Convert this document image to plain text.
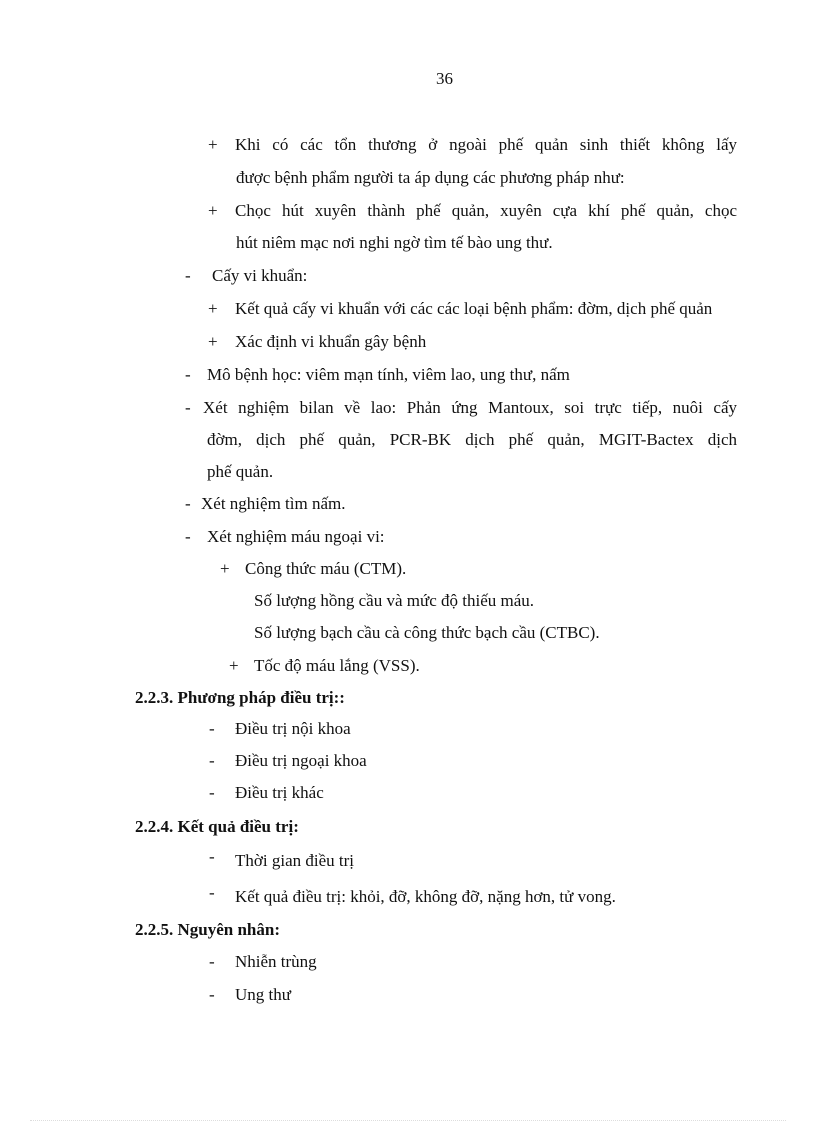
36
+ Khi có các tổn thương ở ngoài phế quản sinh thiết không lấy
được bệnh phẩm người ta áp dụng các phương pháp như:
+ Chọc hút xuyên thành phế quản, xuyên cựa khí phế quản, chọc
hút niêm mạc nơi nghi ngờ tìm tế bào ung thư.
- Cấy vi khuẩn:
+ Kết quả cấy vi khuẩn với các các loại bệnh phẩm: đờm, dịch phế quản
+ Xác định vi khuẩn gây bệnh
- Mô bệnh học: viêm mạn tính, viêm lao, ung thư, nấm
- Xét nghiệm bilan về lao: Phản ứng Mantoux, soi trực tiếp, nuôi cấy
đờm, dịch phế quản, PCR-BK dịch phế quản, MGIT-Bactex dịch
phế quản.
- Xét nghiệm tìm nấm.
- Xét nghiệm máu ngoại vi:
+ Công thức máu (CTM).
Số lượng hồng cầu và mức độ thiếu máu.
Số lượng bạch cầu cà công thức bạch cầu (CTBC).
+ Tốc độ máu lắng (VSS).
2.2.3. Phương pháp điều trị::
- Điều trị nội khoa
- Điều trị ngoại khoa
- Điều trị khác
2.2.4. Kết quả điều trị:
- Thời gian điều trị
- Kết quả điều trị: khỏi, đỡ, không đỡ, nặng hơn, tử vong.
2.2.5. Nguyên nhân:
- Nhiễn trùng
- Ung thư
